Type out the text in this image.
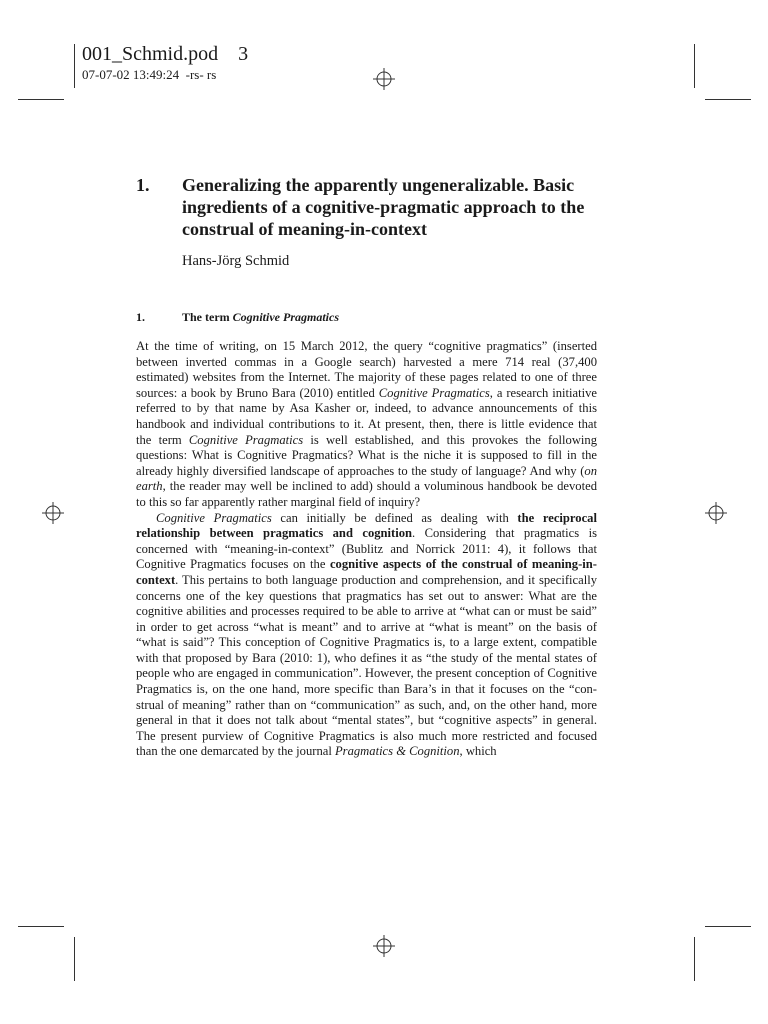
001_Schmid.pod    3
07-07-02 13:49:24  -rs- rs
1. Generalizing the apparently ungeneralizable. Basic ingredients of a cognitive-pragmatic approach to the construal of meaning-in-context
Hans-Jörg Schmid
1.	The term Cognitive Pragmatics

At the time of writing, on 15 March 2012, the query “cognitive pragmatics” (inserted between inverted commas in a Google search) harvested a mere 714 real (37,400 estimated) websites from the Internet. The majority of these pages related to one of three sources: a book by Bruno Bara (2010) entitled Cognitive Pragmatics, a research initiative referred to by that name by Asa Kasher or, indeed, to advance announcements of this handbook and individual contributions to it. At present, then, there is little evidence that the term Cognitive Pragmatics is well established, and this provokes the following questions: What is Cognitive Pragmatics? What is the niche it is supposed to fill in the already highly diversified landscape of approaches to the study of language? And why (on earth, the reader may well be inclined to add) should a voluminous handbook be devoted to this so far apparently rather marginal field of inquiry?

Cognitive Pragmatics can initially be defined as dealing with the reciprocal relationship between pragmatics and cognition. Considering that pragmatics is concerned with “meaning-in-context” (Bublitz and Norrick 2011: 4), it follows that Cognitive Pragmatics focuses on the cognitive aspects of the construal of meaning-in-context. This pertains to both language production and comprehension, and it specifically concerns one of the key questions that pragmatics has set out to answer: What are the cognitive abilities and processes required to be able to arrive at “what can or must be said” in order to get across “what is meant” and to arrive at “what is meant” on the basis of “what is said”? This conception of Cognitive Pragmatics is, to a large extent, compatible with that proposed by Bara (2010: 1), who defines it as “the study of the mental states of people who are engaged in communication”. However, the present conception of Cognitive Pragmatics is, on the one hand, more specific than Bara’s in that it focuses on the “construal of meaning” rather than on “communication” as such, and, on the other hand, more general in that it does not talk about “mental states”, but “cognitive aspects” in general. The present purview of Cognitive Pragmatics is also much more restricted and focused than the one demarcated by the journal Pragmatics & Cognition, which
